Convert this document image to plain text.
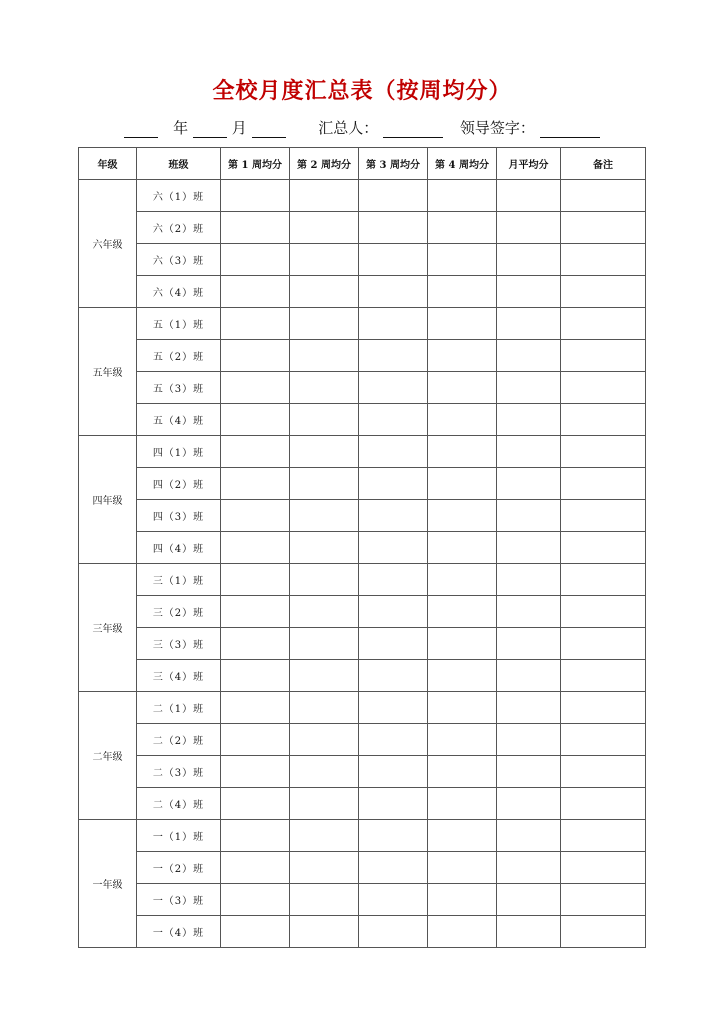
全校月度汇总表（按周均分）
年	月	汇总人：	领导签字：
年级	班级	第 1 周均分	第 2 周均分	第 3 周均分	第 4 周均分	月平均分	备注
六年级	六（1）班						
	六（2）班						
	六（3）班						
	六（4）班						
五年级	五（1）班						
	五（2）班						
	五（3）班						
	五（4）班						
四年级	四（1）班						
	四（2）班						
	四（3）班						
	四（4）班						
三年级	三（1）班						
	三（2）班						
	三（3）班						
	三（4）班						
二年级	二（1）班						
	二（2）班						
	二（3）班						
	二（4）班						
一年级	一（1）班						
	一（2）班						
	一（3）班						
	一（4）班						
